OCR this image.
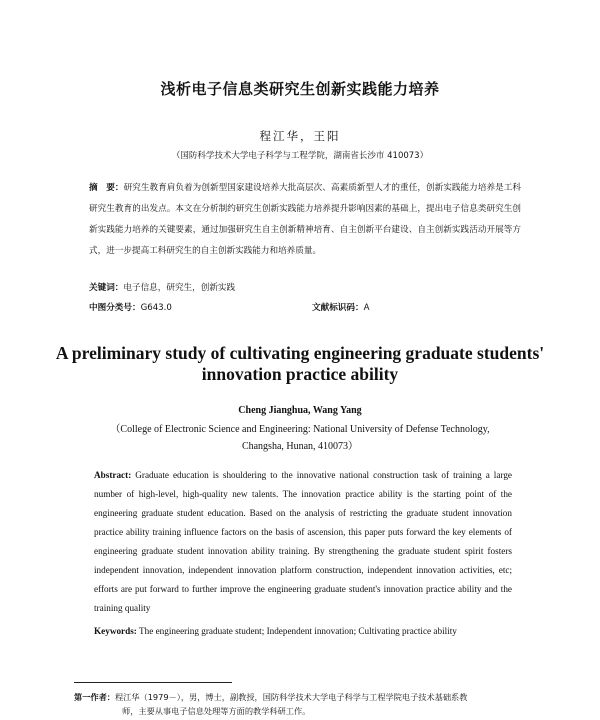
浅析电子信息类研究生创新实践能力培养
程江华，王阳
（国防科学技术大学电子科学与工程学院，湖南省长沙市 410073）
摘　要：研究生教育肩负着为创新型国家建设培养大批高层次、高素质新型人才的重任，创新实践能力培养是工科研究生教育的出发点。本文在分析制约研究生创新实践能力培养提升影响因素的基础上，提出电子信息类研究生创新实践能力培养的关键要素，通过加强研究生自主创新精神培育、自主创新平台建设、自主创新实践活动开展等方式，进一步提高工科研究生的自主创新实践能力和培养质量。
关键词：电子信息，研究生，创新实践
中图分类号：G643.0	文献标识码：A
A preliminary study of cultivating engineering graduate students' innovation practice ability
Cheng Jianghua, Wang Yang
（College of Electronic Science and Engineering: National University of Defense Technology,
Changsha, Hunan, 410073）
Abstract: Graduate education is shouldering to the innovative national construction task of training a large number of high-level, high-quality new talents. The innovation practice ability is the starting point of the engineering graduate student education. Based on the analysis of restricting the graduate student innovation practice ability training influence factors on the basis of ascension, this paper puts forward the key elements of engineering graduate student innovation ability training. By strengthening the graduate student spirit fosters independent innovation, independent innovation platform construction, independent innovation activities, etc; efforts are put forward to further improve the engineering graduate student's innovation practice ability and the training quality
Keywords: The engineering graduate student; Independent innovation; Cultivating practice ability
第一作者：程江华（1979－），男，博士，副教授，国防科学技术大学电子科学与工程学院电子技术基础系教
师，主要从事电子信息处理等方面的教学科研工作。
